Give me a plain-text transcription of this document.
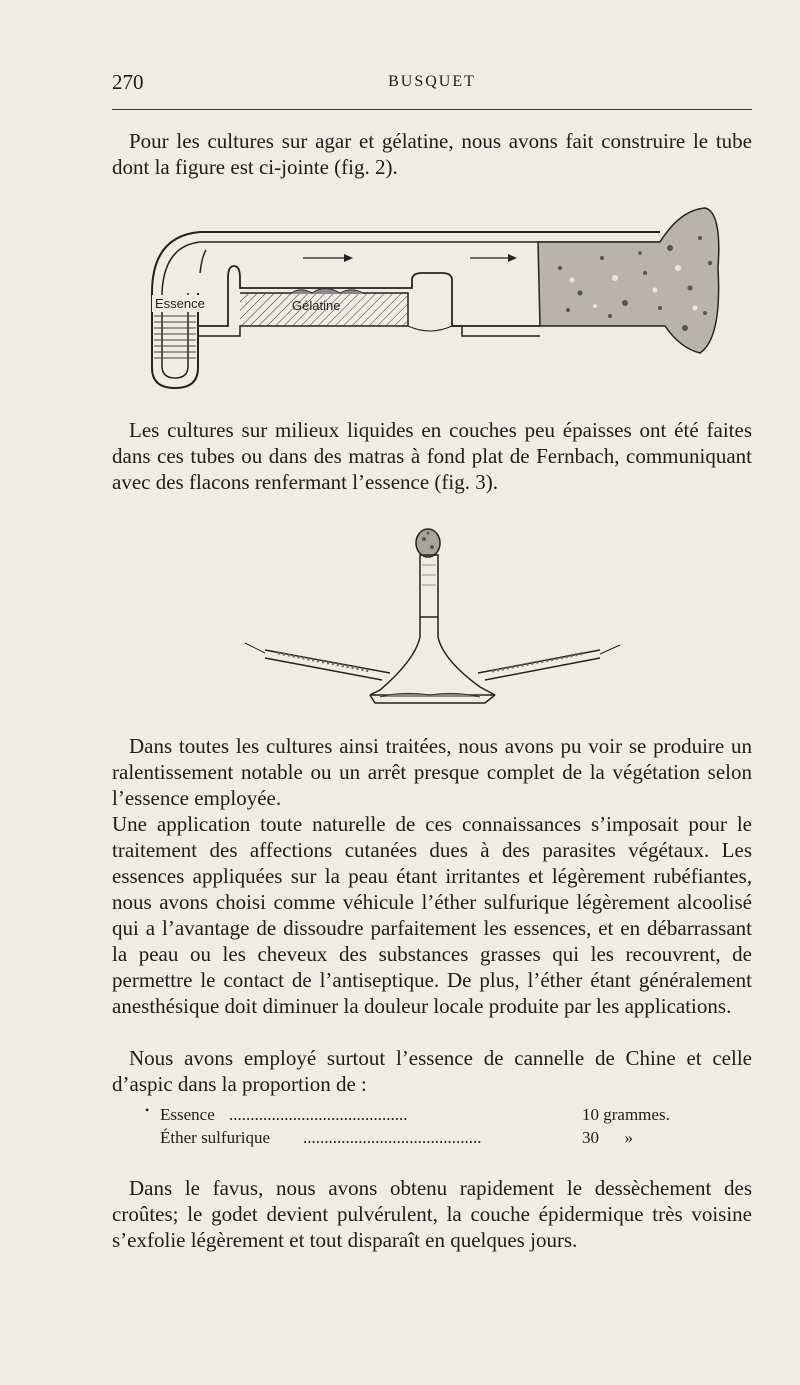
270	BUSQUET

Pour les cultures sur agar et gélatine, nous avons fait construire le tube dont la figure est ci-jointe (fig. 2).

Essence	Gélatine

Les cultures sur milieux liquides en couches peu épaisses ont été faites dans ces tubes ou dans des matras à fond plat de Fernbach, communiquant avec des flacons renfermant l’essence (fig. 3).

Dans toutes les cultures ainsi traitées, nous avons pu voir se produire un ralentissement notable ou un arrêt presque complet de la végétation selon l’essence employée.

Une application toute naturelle de ces connaissances s’imposait pour le traitement des affections cutanées dues à des parasites végétaux. Les essences appliquées sur la peau étant irritantes et légèrement rubéfiantes, nous avons choisi comme véhicule l’éther sulfurique légèrement alcoolisé qui a l’avantage de dissoudre parfaitement les essences, et en débarrassant la peau ou les cheveux des substances grasses qui les recouvrent, de permettre le contact de l’antiseptique. De plus, l’éther étant généralement anesthésique doit diminuer la douleur locale produite par les applications.

Nous avons employé surtout l’essence de cannelle de Chine et celle d’aspic dans la proportion de :

• Essence ..........................................	10 grammes.
Éther sulfurique ..........................................	30      »

Dans le favus, nous avons obtenu rapidement le dessèchement des croûtes; le godet devient pulvérulent, la couche épidermique très voisine s’exfolie légèrement et tout disparaît en quelques jours.
